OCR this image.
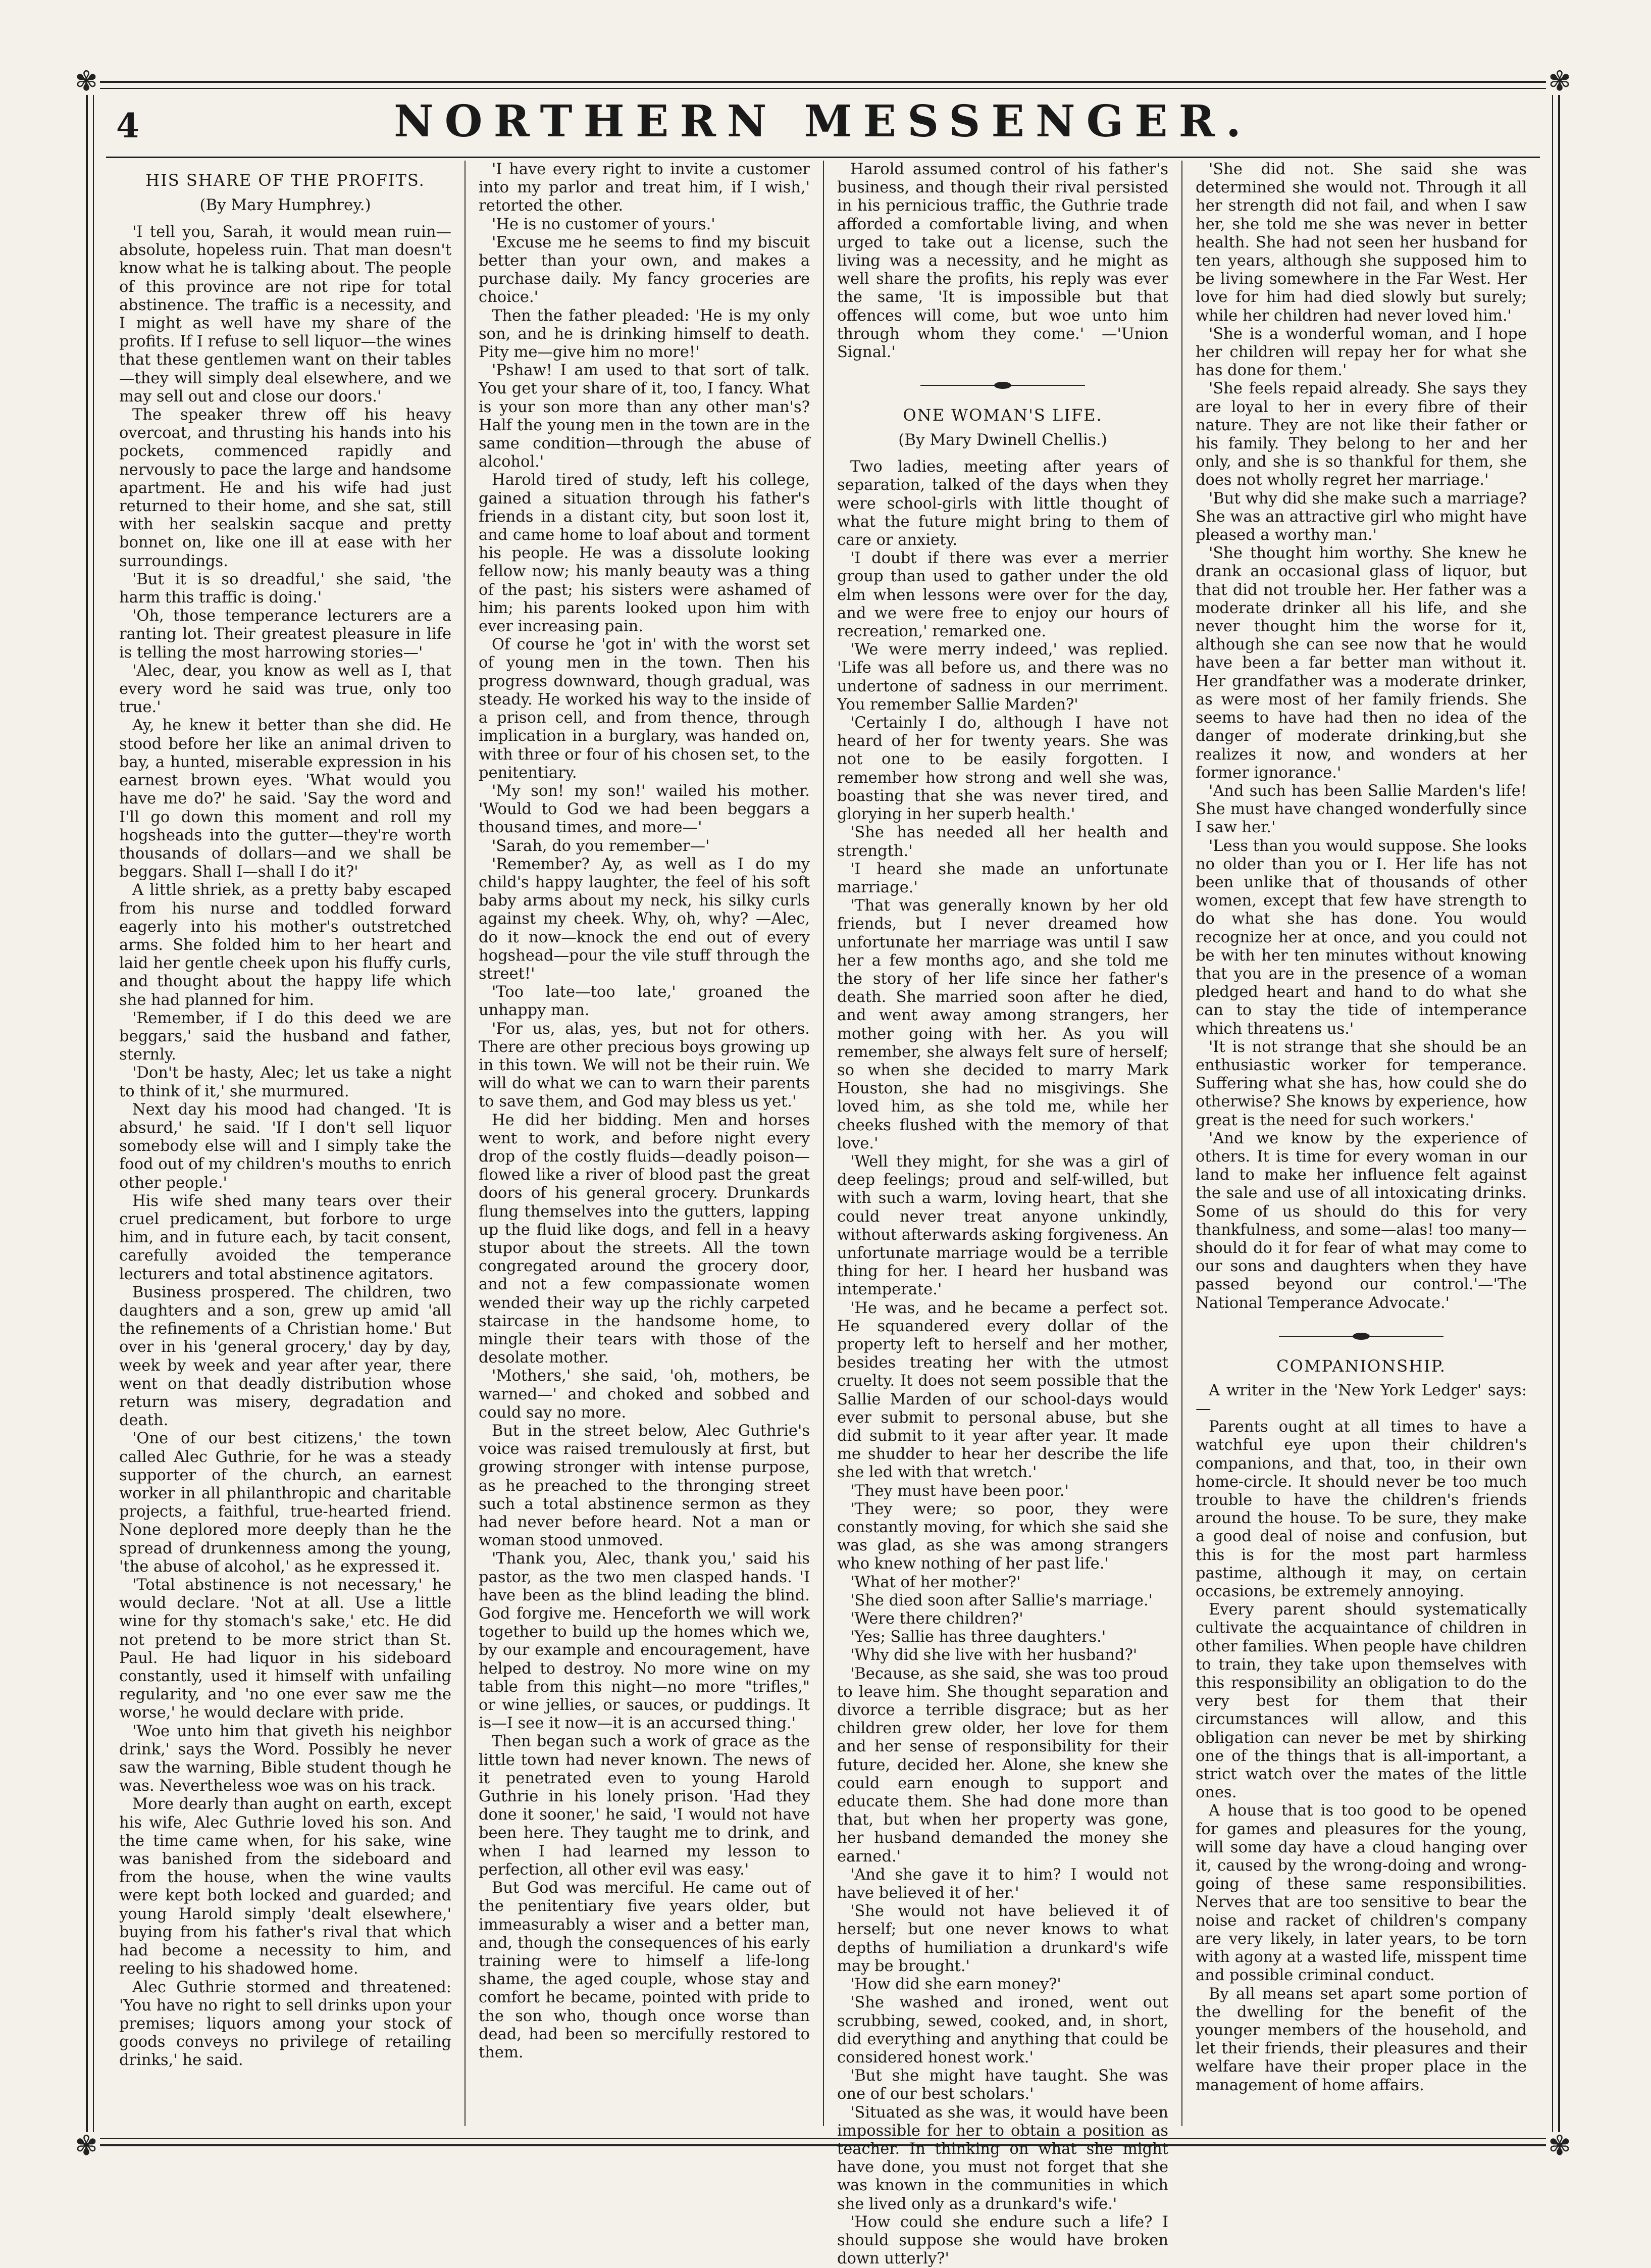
✾	✾
✾	✾
4	NORTHERN MESSENGER.
HIS SHARE OF THE PROFITS.
(By Mary Humphrey.)

'I tell you, Sarah, it would mean ruin—absolute, hopeless ruin. That man doesn't know what he is talking about. The people of this province are not ripe for total abstinence. The traffic is a necessity, and I might as well have my share of the profits. If I refuse to sell liquor—the wines that these gentlemen want on their tables—they will simply deal elsewhere, and we may sell out and close our doors.'

The speaker threw off his heavy overcoat, and thrusting his hands into his pockets, commenced rapidly and nervously to pace the large and handsome apartment. He and his wife had just returned to their home, and she sat, still with her sealskin sacque and pretty bonnet on, like one ill at ease with her surroundings.

'But it is so dreadful,' she said, 'the harm this traffic is doing.'

'Oh, those temperance lecturers are a ranting lot. Their greatest pleasure in life is telling the most harrowing stories—'

'Alec, dear, you know as well as I, that every word he said was true, only too true.'

Ay, he knew it better than she did. He stood before her like an animal driven to bay, a hunted, miserable expression in his earnest brown eyes. 'What would you have me do?' he said. 'Say the word and I'll go down this moment and roll my hogsheads into the gutter—they're worth thousands of dollars—and we shall be beggars. Shall I—shall I do it?'

A little shriek, as a pretty baby escaped from his nurse and toddled forward eagerly into his mother's outstretched arms. She folded him to her heart and laid her gentle cheek upon his fluffy curls, and thought about the happy life which she had planned for him.

'Remember, if I do this deed we are beggars,' said the husband and father, sternly.

'Don't be hasty, Alec; let us take a night to think of it,' she murmured.

Next day his mood had changed. 'It is absurd,' he said. 'If I don't sell liquor somebody else will and I simply take the food out of my children's mouths to enrich other people.'

His wife shed many tears over their cruel predicament, but forbore to urge him, and in future each, by tacit consent, carefully avoided the temperance lecturers and total abstinence agitators.

Business prospered. The children, two daughters and a son, grew up amid 'all the refinements of a Christian home.' But over in his 'general grocery,' day by day, week by week and year after year, there went on that deadly distribution whose return was misery, degradation and death.

'One of our best citizens,' the town called Alec Guthrie, for he was a steady supporter of the church, an earnest worker in all philanthropic and charitable projects, a faithful, true-hearted friend. None deplored more deeply than he the spread of drunkenness among the young, 'the abuse of alcohol,' as he expressed it.

'Total abstinence is not necessary,' he would declare. 'Not at all. Use a little wine for thy stomach's sake,' etc. He did not pretend to be more strict than St. Paul. He had liquor in his sideboard constantly, used it himself with unfailing regularity, and 'no one ever saw me the worse,' he would declare with pride.

'Woe unto him that giveth his neighbor drink,' says the Word. Possibly he never saw the warning, Bible student though he was. Nevertheless woe was on his track.

More dearly than aught on earth, except his wife, Alec Guthrie loved his son. And the time came when, for his sake, wine was banished from the sideboard and from the house, when the wine vaults were kept both locked and guarded; and young Harold simply 'dealt elsewhere,' buying from his father's rival that which had become a necessity to him, and reeling to his shadowed home.

Alec Guthrie stormed and threatened: 'You have no right to sell drinks upon your premises; liquors among your stock of goods conveys no privilege of retailing drinks,' he said.

'I have every right to invite a customer into my parlor and treat him, if I wish,' retorted the other.

'He is no customer of yours.'

'Excuse me he seems to find my biscuit better than your own, and makes a purchase daily. My fancy groceries are choice.'

Then the father pleaded: 'He is my only son, and he is drinking himself to death. Pity me—give him no more!'

'Pshaw! I am used to that sort of talk. You get your share of it, too, I fancy. What is your son more than any other man's? Half the young men in the town are in the same condition—through the abuse of alcohol.'

Harold tired of study, left his college, gained a situation through his father's friends in a distant city, but soon lost it, and came home to loaf about and torment his people. He was a dissolute looking fellow now; his manly beauty was a thing of the past; his sisters were ashamed of him; his parents looked upon him with ever increasing pain.

Of course he 'got in' with the worst set of young men in the town. Then his progress downward, though gradual, was steady. He worked his way to the inside of a prison cell, and from thence, through implication in a burglary, was handed on, with three or four of his chosen set, to the penitentiary.

'My son! my son!' wailed his mother. 'Would to God we had been beggars a thousand times, and more—'

'Sarah, do you remember—'

'Remember? Ay, as well as I do my child's happy laughter, the feel of his soft baby arms about my neck, his silky curls against my cheek. Why, oh, why? —Alec, do it now—knock the end out of every hogshead—pour the vile stuff through the street!'

'Too late—too late,' groaned the unhappy man.

'For us, alas, yes, but not for others. There are other precious boys growing up in this town. We will not be their ruin. We will do what we can to warn their parents to save them, and God may bless us yet.'

He did her bidding. Men and horses went to work, and before night every drop of the costly fluids—deadly poison—flowed like a river of blood past the great doors of his general grocery. Drunkards flung themselves into the gutters, lapping up the fluid like dogs, and fell in a heavy stupor about the streets. All the town congregated around the grocery door, and not a few compassionate women wended their way up the richly carpeted staircase in the handsome home, to mingle their tears with those of the desolate mother.

'Mothers,' she said, 'oh, mothers, be warned—' and choked and sobbed and could say no more.

But in the street below, Alec Guthrie's voice was raised tremulously at first, but growing stronger with intense purpose, as he preached to the thronging street such a total abstinence sermon as they had never before heard. Not a man or woman stood unmoved.

'Thank you, Alec, thank you,' said his pastor, as the two men clasped hands. 'I have been as the blind leading the blind. God forgive me. Henceforth we will work together to build up the homes which we, by our example and encouragement, have helped to destroy. No more wine on my table from this night—no more "trifles," or wine jellies, or sauces, or puddings. It is—I see it now—it is an accursed thing.'

Then began such a work of grace as the little town had never known. The news of it penetrated even to young Harold Guthrie in his lonely prison. 'Had they done it sooner,' he said, 'I would not have been here. They taught me to drink, and when I had learned my lesson to perfection, all other evil was easy.'

But God was merciful. He came out of the penitentiary five years older, but immeasurably a wiser and a better man, and, though the consequences of his early training were to himself a life-long shame, the aged couple, whose stay and comfort he became, pointed with pride to the son who, though once worse than dead, had been so mercifully restored to them.

Harold assumed control of his father's business, and though their rival persisted in his pernicious traffic, the Guthrie trade afforded a comfortable living, and when urged to take out a license, such the living was a necessity, and he might as well share the profits, his reply was ever the same, 'It is impossible but that offences will come, but woe unto him through whom they come.' —'Union Signal.'

ONE WOMAN'S LIFE.
(By Mary Dwinell Chellis.)

Two ladies, meeting after years of separation, talked of the days when they were school-girls with little thought of what the future might bring to them of care or anxiety.

'I doubt if there was ever a merrier group than used to gather under the old elm when lessons were over for the day, and we were free to enjoy our hours of recreation,' remarked one.

'We were merry indeed,' was replied. 'Life was all before us, and there was no undertone of sadness in our merriment. You remember Sallie Marden?'

'Certainly I do, although I have not heard of her for twenty years. She was not one to be easily forgotten. I remember how strong and well she was, boasting that she was never tired, and glorying in her superb health.'

'She has needed all her health and strength.'

'I heard she made an unfortunate marriage.'

'That was generally known by her old friends, but I never dreamed how unfortunate her marriage was until I saw her a few months ago, and she told me the story of her life since her father's death. She married soon after he died, and went away among strangers, her mother going with her. As you will remember, she always felt sure of herself; so when she decided to marry Mark Houston, she had no misgivings. She loved him, as she told me, while her cheeks flushed with the memory of that love.'

'Well they might, for she was a girl of deep feelings; proud and self-willed, but with such a warm, loving heart, that she could never treat anyone unkindly, without afterwards asking forgiveness. An unfortunate marriage would be a terrible thing for her. I heard her husband was intemperate.'

'He was, and he became a perfect sot. He squandered every dollar of the property left to herself and her mother, besides treating her with the utmost cruelty. It does not seem possible that the Sallie Marden of our school-days would ever submit to personal abuse, but she did submit to it year after year. It made me shudder to hear her describe the life she led with that wretch.'

'They must have been poor.'

'They were; so poor, they were constantly moving, for which she said she was glad, as she was among strangers who knew nothing of her past life.'

'What of her mother?'

'She died soon after Sallie's marriage.'

'Were there children?'

'Yes; Sallie has three daughters.'

'Why did she live with her husband?'

'Because, as she said, she was too proud to leave him. She thought separation and divorce a terrible disgrace; but as her children grew older, her love for them and her sense of responsibility for their future, decided her. Alone, she knew she could earn enough to support and educate them. She had done more than that, but when her property was gone, her husband demanded the money she earned.'

'And she gave it to him? I would not have believed it of her.'

'She would not have believed it of herself; but one never knows to what depths of humiliation a drunkard's wife may be brought.'

'How did she earn money?'

'She washed and ironed, went out scrubbing, sewed, cooked, and, in short, did everything and anything that could be considered honest work.'

'But she might have taught. She was one of our best scholars.'

'Situated as she was, it would have been impossible for her to obtain a position as teacher. In thinking on what she might have done, you must not forget that she was known in the communities in which she lived only as a drunkard's wife.'

'How could she endure such a life? I should suppose she would have broken down utterly?'

'She did not. She said she was determined she would not. Through it all her strength did not fail, and when I saw her, she told me she was never in better health. She had not seen her husband for ten years, although she supposed him to be living somewhere in the Far West. Her love for him had died slowly but surely; while her children had never loved him.'

'She is a wonderful woman, and I hope her children will repay her for what she has done for them.'

'She feels repaid already. She says they are loyal to her in every fibre of their nature. They are not like their father or his family. They belong to her and her only, and she is so thankful for them, she does not wholly regret her marriage.'

'But why did she make such a marriage? She was an attractive girl who might have pleased a worthy man.'

'She thought him worthy. She knew he drank an occasional glass of liquor, but that did not trouble her. Her father was a moderate drinker all his life, and she never thought him the worse for it, although she can see now that he would have been a far better man without it. Her grandfather was a moderate drinker, as were most of her family friends. She seems to have had then no idea of the danger of moderate drinking,but she realizes it now, and wonders at her former ignorance.'

'And such has been Sallie Marden's life! She must have changed wonderfully since I saw her.'

'Less than you would suppose. She looks no older than you or I. Her life has not been unlike that of thousands of other women, except that few have strength to do what she has done. You would recognize her at once, and you could not be with her ten minutes without knowing that you are in the presence of a woman pledged heart and hand to do what she can to stay the tide of intemperance which threatens us.'

'It is not strange that she should be an enthusiastic worker for temperance. Suffering what she has, how could she do otherwise? She knows by experience, how great is the need for such workers.'

'And we know by the experience of others. It is time for every woman in our land to make her influence felt against the sale and use of all intoxicating drinks. Some of us should do this for very thankfulness, and some—alas! too many—should do it for fear of what may come to our sons and daughters when they have passed beyond our control.'—'The National Temperance Advocate.'

COMPANIONSHIP.

A writer in the 'New York Ledger' says:—

Parents ought at all times to have a watchful eye upon their children's companions, and that, too, in their own home-circle. It should never be too much trouble to have the children's friends around the house. To be sure, they make a good deal of noise and confusion, but this is for the most part harmless pastime, although it may, on certain occasions, be extremely annoying.

Every parent should systematically cultivate the acquaintance of children in other families. When people have children to train, they take upon themselves with this responsibility an obligation to do the very best for them that their circumstances will allow, and this obligation can never be met by shirking one of the things that is all-important, a strict watch over the mates of the little ones.

A house that is too good to be opened for games and pleasures for the young, will some day have a cloud hanging over it, caused by the wrong-doing and wrong-going of these same responsibilities. Nerves that are too sensitive to bear the noise and racket of children's company are very likely, in later years, to be torn with agony at a wasted life, misspent time and possible criminal conduct.

By all means set apart some portion of the dwelling for the benefit of the younger members of the household, and let their friends, their pleasures and their welfare have their proper place in the management of home affairs.
